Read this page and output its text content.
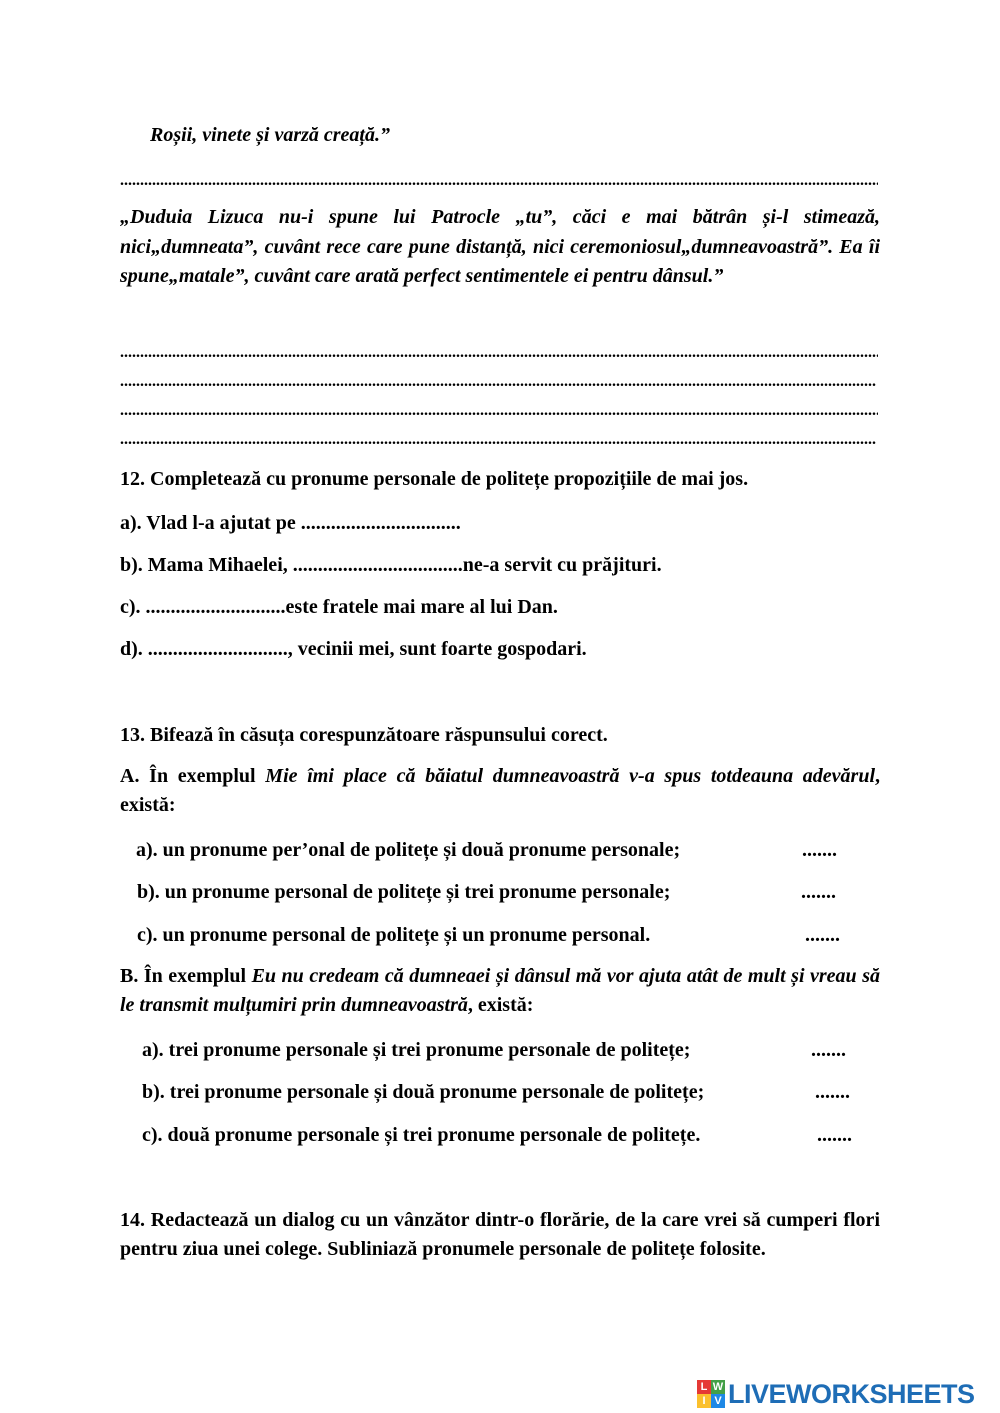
Roșii, vinete și varză creață.”
.....
„Duduia Lizuca nu-i spune lui Patrocle „tu”, căci e mai bătrân și-l stimează, nici„dumneata”, cuvânt rece care pune distanță, nici ceremoniosul„dumneavoastră”. Ea îi spune„matale”, cuvânt care arată perfect sentimentele ei pentru dânsul.”
.....
.....
.....
.....
12. Completează cu pronume personale de politețe propozițiile de mai jos.
a). Vlad l-a ajutat pe ................................
b). Mama Mihaelei, ..................................ne-a servit cu prăjituri.
c). ............................este fratele mai mare al lui Dan.
d). ............................, vecinii mei, sunt foarte gospodari.
13. Bifează în căsuța corespunzătoare răspunsului corect.
A. În exemplul Mie îmi place că băiatul dumneavoastră v-a spus totdeauna adevărul, există:
a). un pronume per’onal de politețe și două pronume personale;	.......
b). un pronume personal de politețe și trei pronume personale;	.......
c). un pronume personal de politețe și un pronume personal.	.......
B. În exemplul Eu nu credeam că dumneaei și dânsul mă vor ajuta atât de mult și vreau să le transmit mulțumiri prin dumneavoastră, există:
a). trei pronume personale și trei pronume personale de politețe;	.......
b). trei pronume personale și două pronume personale de politețe;	.......
c). două pronume personale și trei pronume personale de politețe.	.......
14. Redactează un dialog cu un vânzător dintr-o florărie, de la care vrei să cumperi flori pentru ziua unei colege. Subliniază pronumele personale de politețe folosite.
L W
I V LIVEWORKSHEETS
